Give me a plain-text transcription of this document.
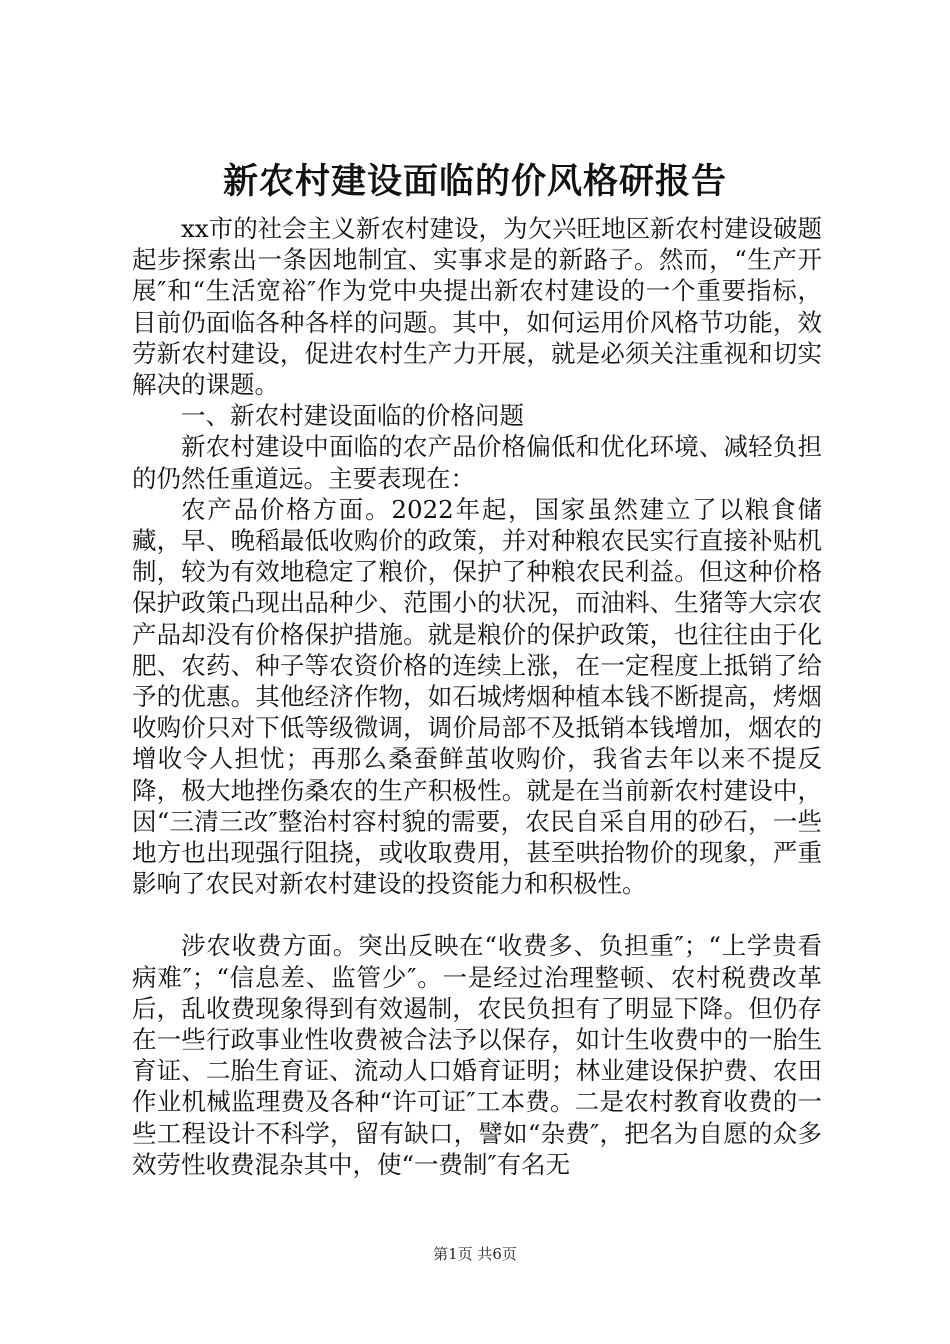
新农村建设面临的价风格研报告

xx市的社会主义新农村建设，为欠兴旺地区新农村建设破题起步探索出一条因地制宜、实事求是的新路子。然而，“生产开展″和“生活宽裕″作为党中央提出新农村建设的一个重要指标，目前仍面临各种各样的问题。其中，如何运用价风格节功能，效劳新农村建设，促进农村生产力开展，就是必须关注重视和切实解决的课题。

一、新农村建设面临的价格问题

新农村建设中面临的农产品价格偏低和优化环境、减轻负担的仍然任重道远。主要表现在：

农产品价格方面。2022年起，国家虽然建立了以粮食储藏，早、晚稻最低收购价的政策，并对种粮农民实行直接补贴机制，较为有效地稳定了粮价，保护了种粮农民利益。但这种价格保护政策凸现出品种少、范围小的状况，而油料、生猪等大宗农产品却没有价格保护措施。就是粮价的保护政策，也往往由于化肥、农药、种子等农资价格的连续上涨，在一定程度上抵销了给予的优惠。其他经济作物，如石城烤烟种植本钱不断提高，烤烟收购价只对下低等级微调，调价局部不及抵销本钱增加，烟农的增收令人担忧；再那么桑蚕鲜茧收购价，我省去年以来不提反降，极大地挫伤桑农的生产积极性。就是在当前新农村建设中，因“三清三改″整治村容村貌的需要，农民自采自用的砂石，一些地方也出现强行阻挠，或收取费用，甚至哄抬物价的现象，严重影响了农民对新农村建设的投资能力和积极性。

涉农收费方面。突出反映在“收费多、负担重″；“上学贵看病难″；“信息差、监管少″。一是经过治理整顿、农村税费改革后，乱收费现象得到有效遏制，农民负担有了明显下降。但仍存在一些行政事业性收费被合法予以保存，如计生收费中的一胎生育证、二胎生育证、流动人口婚育证明；林业建设保护费、农田作业机械监理费及各种“许可证″工本费。二是农村教育收费的一些工程设计不科学，留有缺口，譬如“杂费″，把名为自愿的众多效劳性收费混杂其中，使“一费制″有名无

第1页 共6页
